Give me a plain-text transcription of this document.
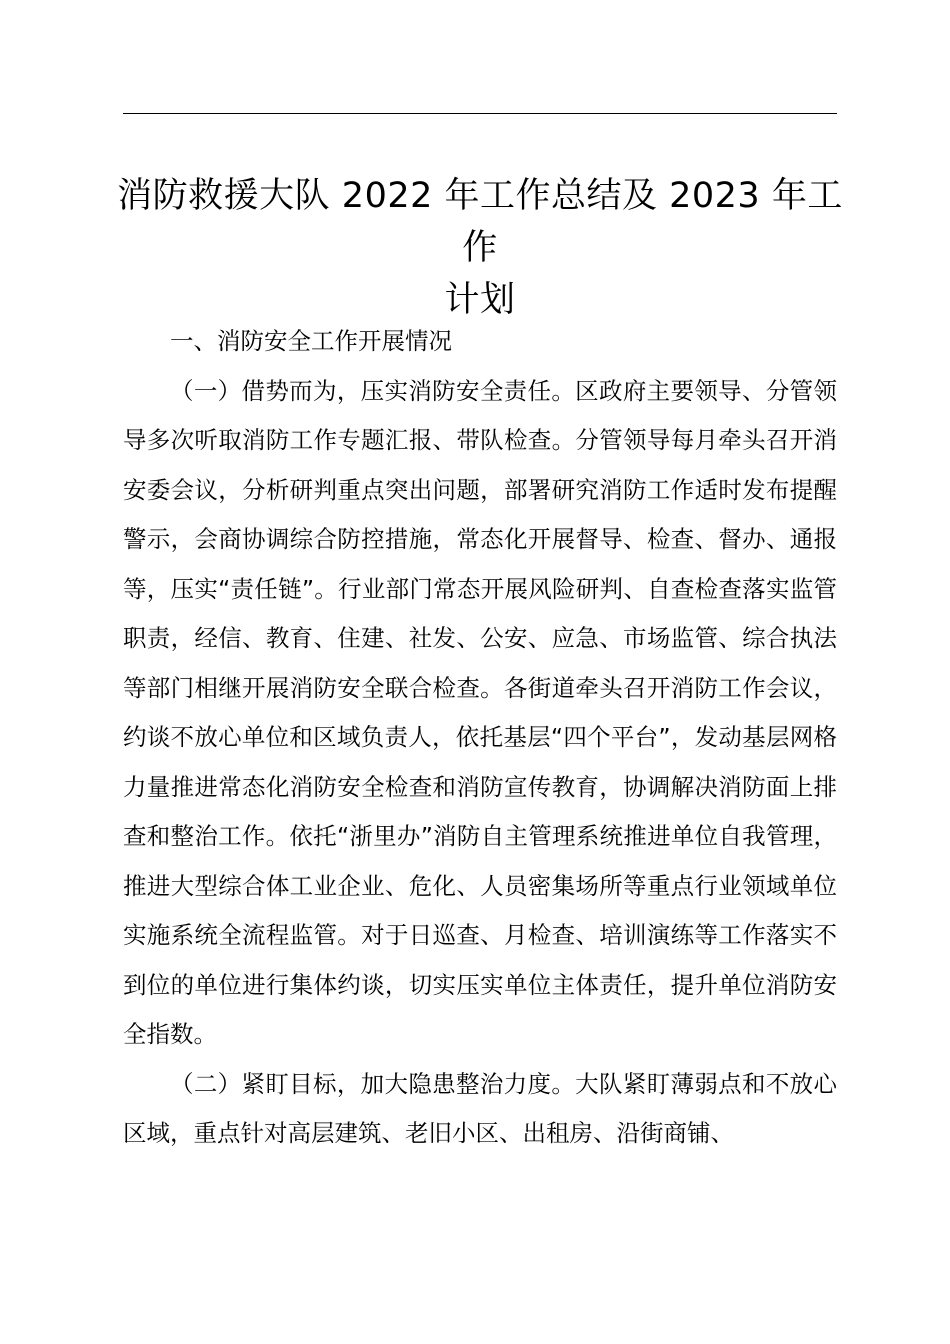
消防救援大队 2022 年工作总结及 2023 年工作
计划

一、消防安全工作开展情况

（一）借势而为，压实消防安全责任。区政府主要领导、分管领导多次听取消防工作专题汇报、带队检查。分管领导每月牵头召开消安委会议，分析研判重点突出问题，部署研究消防工作适时发布提醒警示，会商协调综合防控措施，常态化开展督导、检查、督办、通报等，压实“责任链”。行业部门常态开展风险研判、自查检查落实监管职责，经信、教育、住建、社发、公安、应急、市场监管、综合执法等部门相继开展消防安全联合检查。各街道牵头召开消防工作会议，约谈不放心单位和区域负责人，依托基层“四个平台”，发动基层网格力量推进常态化消防安全检查和消防宣传教育，协调解决消防面上排查和整治工作。依托“浙里办”消防自主管理系统推进单位自我管理，推进大型综合体工业企业、危化、人员密集场所等重点行业领域单位实施系统全流程监管。对于日巡查、月检查、培训演练等工作落实不到位的单位进行集体约谈，切实压实单位主体责任，提升单位消防安全指数。

（二）紧盯目标，加大隐患整治力度。大队紧盯薄弱点和不放心区域，重点针对高层建筑、老旧小区、出租房、沿街商铺、
